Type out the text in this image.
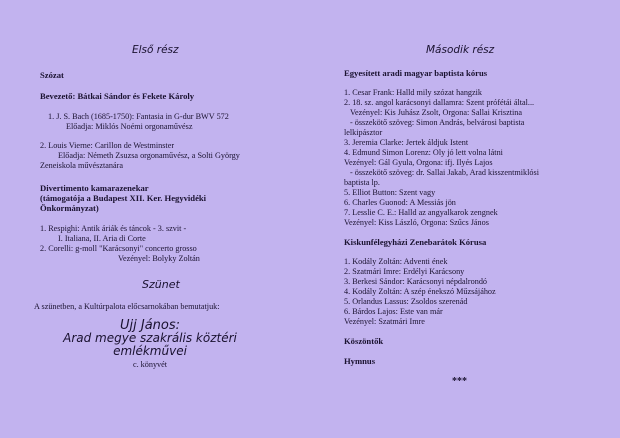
Első rész
Szózat
Bevezető: Bátkai Sándor és Fekete Károly
1. J. S. Bach (1685-1750): Fantasia in G-dur BWV 572
Előadja: Miklós Noémi orgonaművész
2. Louis Vierne: Carillon de Westminster
Előadja: Németh Zsuzsa orgonaművész, a Solti György
Zeneiskola művésztanára
Divertimento kamarazenekar
(támogatója a Budapest XII. Ker. Hegyvidéki
Önkormányzat)
1. Respighi: Antik áriák és táncok - 3. szvit -
I. Italiana, II. Aria di Corte
2. Corelli: g-moll "Karácsonyi" concerto grosso
Vezényel: Bolyky Zoltán
Szünet
A szünetben, a Kultúrpalota előcsarnokában bemutatjuk:
Ujj János:
Arad megye szakrális köztéri
emlékművei
c. könyvét
Második rész
Egyesített aradi magyar baptista kórus
1. Cesar Frank: Halld mily szózat hangzik
2. 18. sz. angol karácsonyi dallamra: Szent prófétái által...
Vezényel: Kis Juhász Zsolt, Orgona: Sallai Krisztina
- összekötő szöveg: Simon András, belvárosi baptista
lelkipásztor
3. Jeremia Clarke: Jertek áldjuk Istent
4. Edmund Simon Lorenz: Oly jó lett volna látni
Vezényel: Gál Gyula, Orgona: ifj. Ilyés Lajos
- összekötő szöveg: dr. Sallai Jakab, Arad kisszentmiklósi
baptista lp.
5. Elliot Button: Szent vagy
6. Charles Guonod: A Messiás jön
7. Lesslie C. E.: Halld az angyalkarok zengnek
Vezényel: Kiss László, Orgona: Szűcs János
Kiskunfélegyházi Zenebarátok Kórusa
1. Kodály Zoltán: Adventi ének
2. Szatmári Imre: Erdélyi Karácsony
3. Berkesi Sándor: Karácsonyi népdalrondó
4. Kodály Zoltán: A szép énekszó Műzsájához
5. Orlandus Lassus: Zsoldos szerenád
6. Bárdos Lajos: Este van már
Vezényel: Szatmári Imre
Köszöntők
Hymnus
***
